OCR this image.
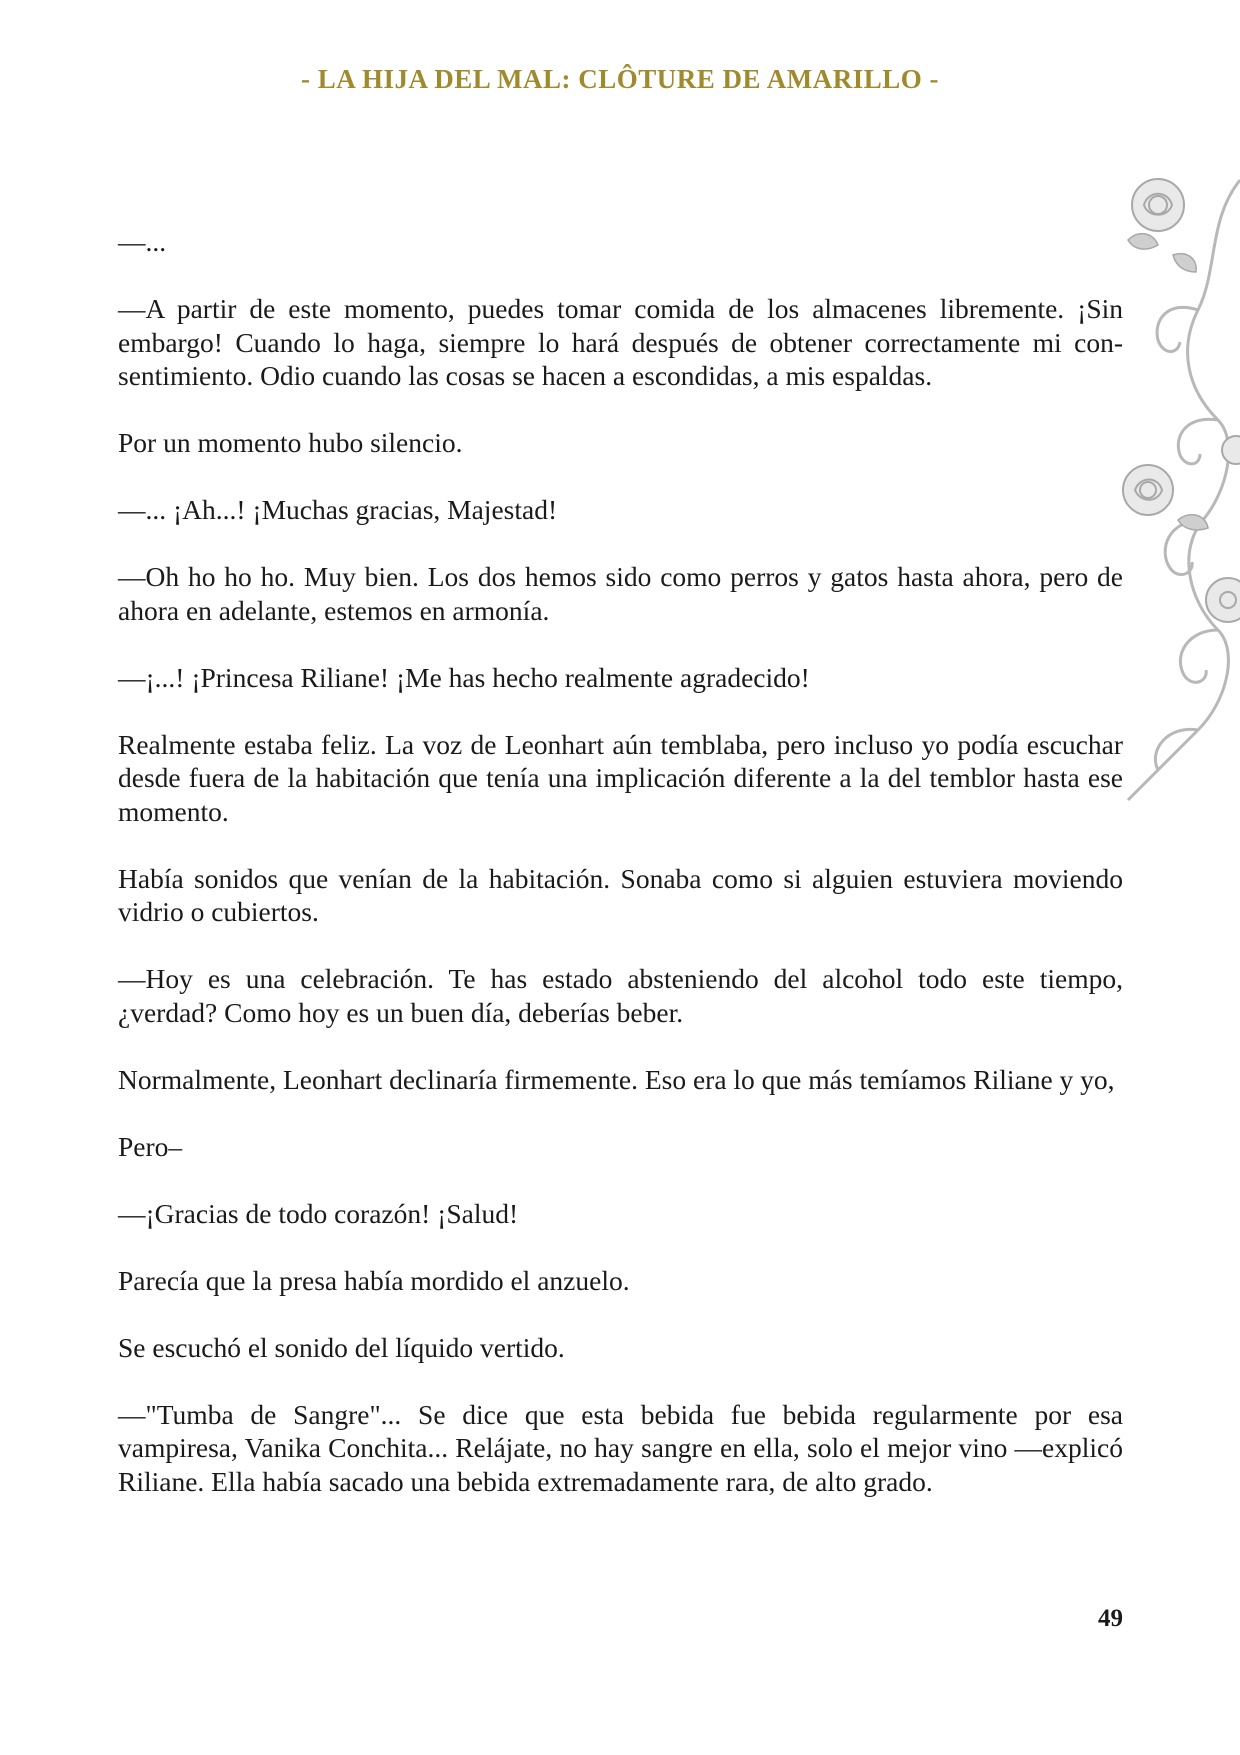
- LA HIJA DEL MAL: CLÔTURE DE AMARILLO -

—...

—A partir de este momento, puedes tomar comida de los almacenes libremente. ¡Sin embargo! Cuando lo haga, siempre lo hará después de obtener correctamente mi consentimiento. Odio cuando las cosas se hacen a escondidas, a mis espaldas.

Por un momento hubo silencio.

—... ¡Ah...! ¡Muchas gracias, Majestad!

—Oh ho ho ho. Muy bien. Los dos hemos sido como perros y gatos hasta ahora, pero de ahora en adelante, estemos en armonía.

—¡...! ¡Princesa Riliane! ¡Me has hecho realmente agradecido!

Realmente estaba feliz. La voz de Leonhart aún temblaba, pero incluso yo podía escuchar desde fuera de la habitación que tenía una implicación diferente a la del temblor hasta ese momento.

Había sonidos que venían de la habitación. Sonaba como si alguien estuviera moviendo vidrio o cubiertos.

—Hoy es una celebración. Te has estado absteniendo del alcohol todo este tiempo, ¿verdad? Como hoy es un buen día, deberías beber.

Normalmente, Leonhart declinaría firmemente. Eso era lo que más temíamos Riliane y yo,

Pero–

—¡Gracias de todo corazón! ¡Salud!

Parecía que la presa había mordido el anzuelo.

Se escuchó el sonido del líquido vertido.

—"Tumba de Sangre"... Se dice que esta bebida fue bebida regularmente por esa vampiresa, Vanika Conchita... Relájate, no hay sangre en ella, solo el mejor vino —explicó Riliane. Ella había sacado una bebida extremadamente rara, de alto grado.

49
